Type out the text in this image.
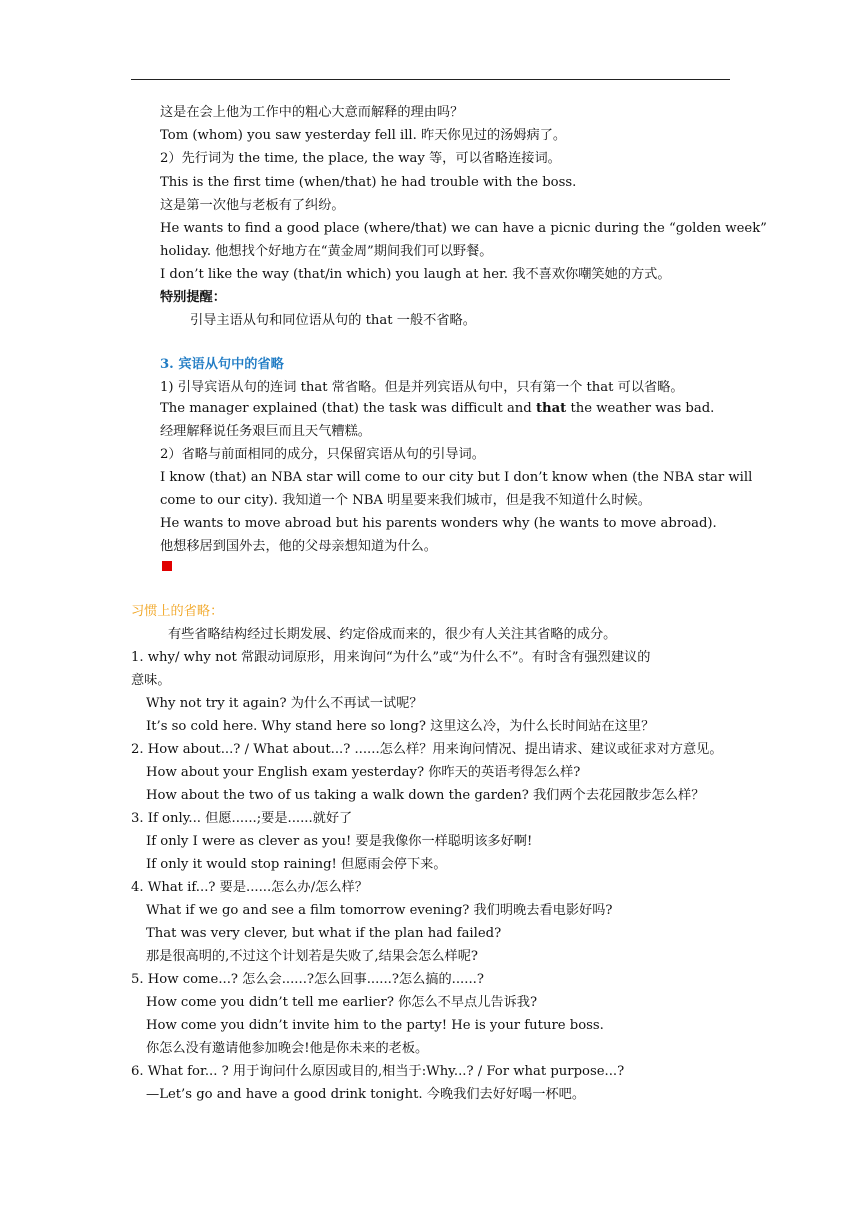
这是在会上他为工作中的粗心大意而解释的理由吗？
Tom (whom) you saw yesterday fell ill. 昨天你见过的汤姆病了。
2）先行词为 the time, the place, the way 等，可以省略连接词。
This is the first time (when/that) he had trouble with the boss.
这是第一次他与老板有了纠纷。
He wants to find a good place (where/that) we can have a picnic during the “golden week”
holiday. 他想找个好地方在“黄金周”期间我们可以野餐。
I don’t like the way (that/in which) you laugh at her. 我不喜欢你嘲笑她的方式。
特别提醒：
引导主语从句和同位语从句的 that 一般不省略。
3. 宾语从句中的省略
1) 引导宾语从句的连词 that 常省略。但是并列宾语从句中，只有第一个 that 可以省略。
The manager explained (that) the task was difficult and that the weather was bad.
经理解释说任务艰巨而且天气糟糕。
2）省略与前面相同的成分，只保留宾语从句的引导词。
I know (that) an NBA star will come to our city but I don’t know when (the NBA star will
come to our city). 我知道一个 NBA 明星要来我们城市，但是我不知道什么时候。
He wants to move abroad but his parents wonders why (he wants to move abroad).
他想移居到国外去，他的父母亲想知道为什么。
习惯上的省略：
有些省略结构经过长期发展、约定俗成而来的，很少有人关注其省略的成分。
1. why/ why not 常跟动词原形，用来询问“为什么”或“为什么不”。有时含有强烈建议的
意味。
Why not try it again? 为什么不再试一试呢？
It’s so cold here. Why stand here so long? 这里这么冷，为什么长时间站在这里？
2. How about...? / What about...? ......怎么样？用来询问情况、提出请求、建议或征求对方意见。
How about your English exam yesterday? 你昨天的英语考得怎么样?
How about the two of us taking a walk down the garden? 我们两个去花园散步怎么样？
3. If only... 但愿......;要是......就好了
If only I were as clever as you! 要是我像你一样聪明该多好啊!
If only it would stop raining! 但愿雨会停下来。
4. What if...? 要是......怎么办/怎么样？
What if we go and see a film tomorrow evening? 我们明晚去看电影好吗?
That was very clever, but what if the plan had failed?
那是很高明的,不过这个计划若是失败了,结果会怎么样呢?
5. How come...? 怎么会......?怎么回事......?怎么搞的......?
How come you didn’t tell me earlier? 你怎么不早点儿告诉我?
How come you didn’t invite him to the party! He is your future boss.
你怎么没有邀请他参加晚会!他是你未来的老板。
6. What for... ? 用于询问什么原因或目的,相当于:Why...? / For what purpose...?
—Let’s go and have a good drink tonight. 今晚我们去好好喝一杯吧。
